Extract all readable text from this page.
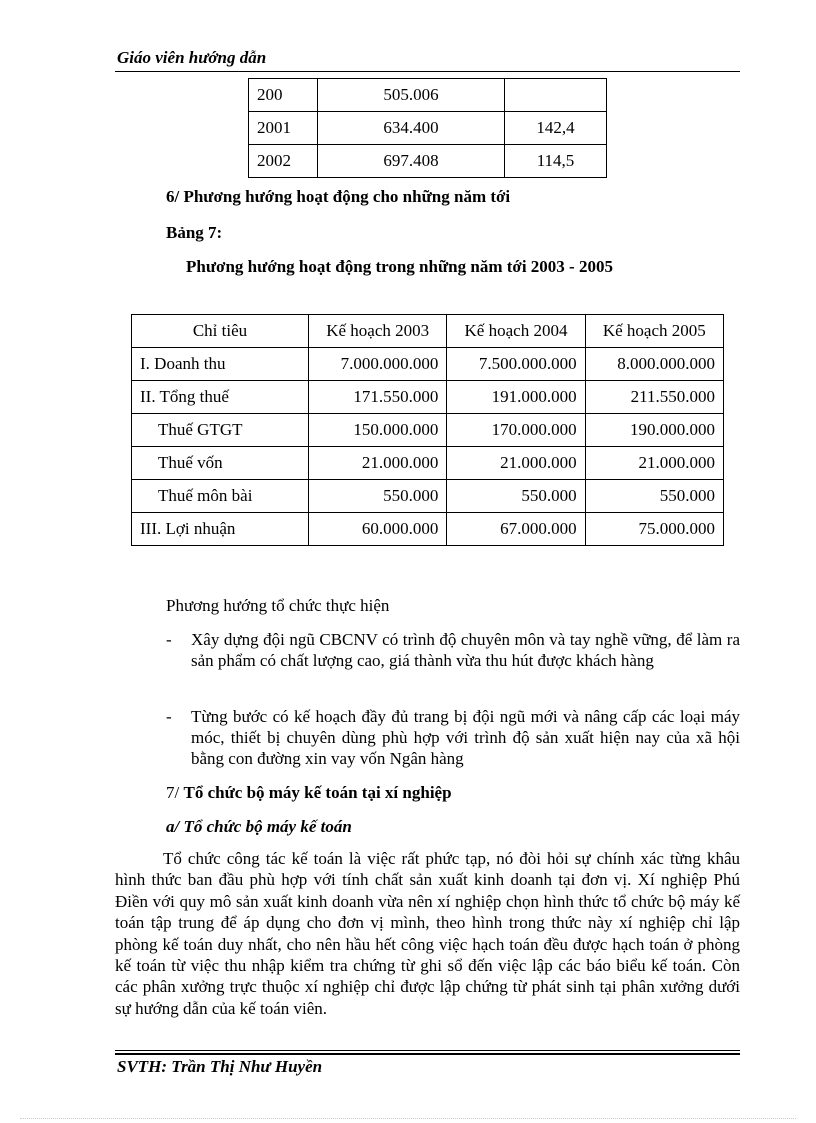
Giáo viên hướng dẫn
200	505.006	
2001	634.400	142,4
2002	697.408	114,5
6/ Phương hướng hoạt động cho những năm tới
Bảng 7:
Phương hướng hoạt động trong những năm tới 2003 - 2005
Chỉ tiêu	Kế hoạch 2003	Kế hoạch 2004	Kế hoạch 2005
I. Doanh thu	7.000.000.000	7.500.000.000	8.000.000.000
II. Tổng thuế	171.550.000	191.000.000	211.550.000
Thuế GTGT	150.000.000	170.000.000	190.000.000
Thuế vốn	21.000.000	21.000.000	21.000.000
Thuế môn bài	550.000	550.000	550.000
III. Lợi nhuận	60.000.000	67.000.000	75.000.000
Phương hướng tổ chức thực hiện
- Xây dựng đội ngũ CBCNV có trình độ chuyên môn và tay nghề vững, để làm ra sản phẩm có chất lượng cao, giá thành vừa thu hút được khách hàng
- Từng bước có kế hoạch đầy đủ trang bị đội ngũ mới và nâng cấp các loại máy móc, thiết bị chuyên dùng phù hợp với trình độ sản xuất hiện nay của xã hội bằng con đường xin vay vốn Ngân hàng
7/ Tổ chức bộ máy kế toán tại xí nghiệp
a/ Tổ chức bộ máy kế toán
Tổ chức công tác kế toán là việc rất phức tạp, nó đòi hỏi sự chính xác từng khâu hình thức ban đầu phù hợp với tính chất sản xuất kinh doanh tại đơn vị. Xí nghiệp Phú Điền với quy mô sản xuất kinh doanh vừa nên xí nghiệp chọn hình thức tổ chức bộ máy kế toán tập trung để áp dụng cho đơn vị mình, theo hình trong thức này xí nghiệp chỉ lập phòng kế toán duy nhất, cho nên hầu hết công việc hạch toán đều được hạch toán ở phòng kế toán từ việc thu nhập kiểm tra chứng từ ghi sổ đến việc lập các báo biểu kế toán. Còn các phân xưởng trực thuộc xí nghiệp chỉ được lập chứng từ phát sinh tại phân xưởng dưới sự hướng dẫn của kế toán viên.
SVTH: Trần Thị Như Huyền
